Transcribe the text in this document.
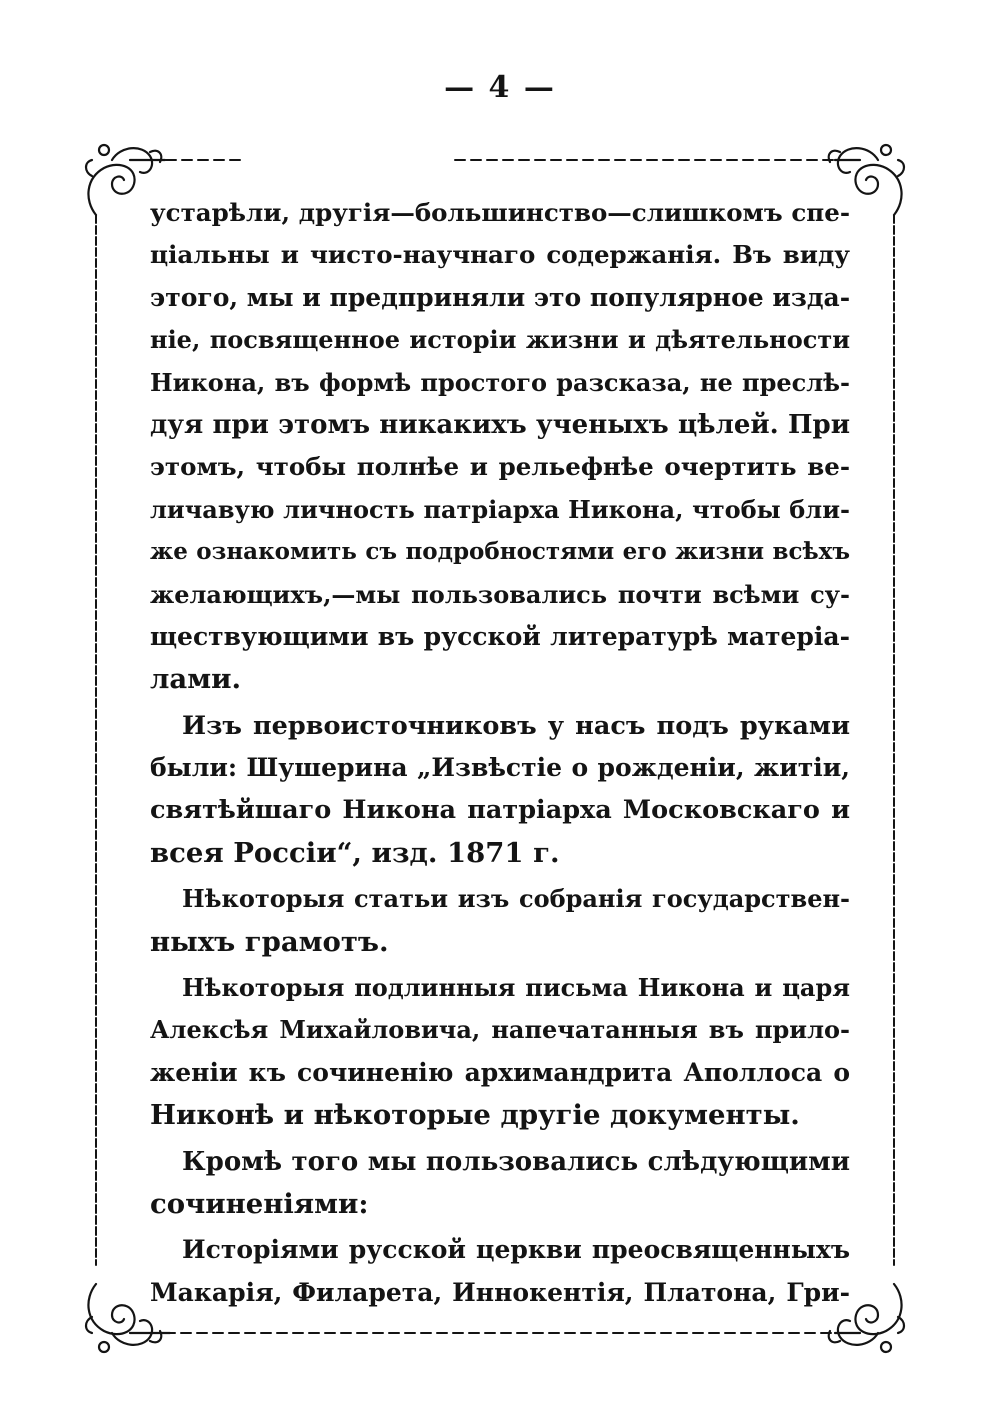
— 4 —
устарѣли, другія—большинство—слишкомъ спе-
ціальны и чисто-научнаго содержанія. Въ виду
этого, мы и предприняли это популярное изда-
ніе, посвященное исторіи жизни и дѣятельности
Никона, въ формѣ простого разсказа, не преслѣ-
дуя при этомъ никакихъ ученыхъ цѣлей. При
этомъ, чтобы полнѣе и рельефнѣе очертить ве-
личавую личность патріарха Никона, чтобы бли-
же ознакомить съ подробностями его жизни всѣхъ
желающихъ,—мы пользовались почти всѣми су-
ществующими въ русской литературѣ матеріа-
лами.
Изъ первоисточниковъ у насъ подъ руками
были: Шушерина „Извѣстіе о рожденіи, житіи,
святѣйшаго Никона патріарха Московскаго и
всея Россіи“, изд. 1871 г.
Нѣкоторыя статьи изъ собранія государствен-
ныхъ грамотъ.
Нѣкоторыя подлинныя письма Никона и царя
Алексѣя Михайловича, напечатанныя въ прило-
женіи къ сочиненію архимандрита Аполлоса о
Никонѣ и нѣкоторые другіе документы.
Кромѣ того мы пользовались слѣдующими
сочиненіями:
Исторіями русской церкви преосвященныхъ
Макарія, Филарета, Иннокентія, Платона, Гри-
